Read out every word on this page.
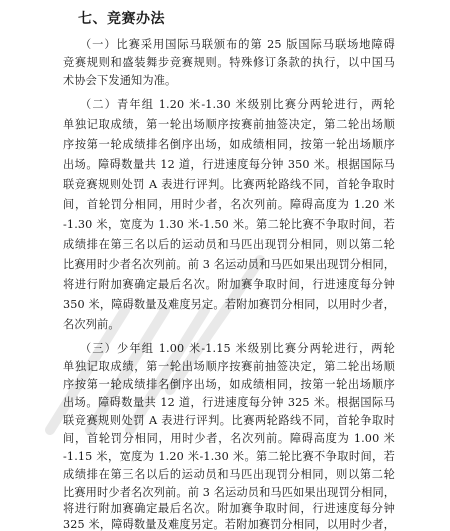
七、竞赛办法
（一）比赛采用国际马联颁布的第 25 版国际马联场地障碍
竞赛规则和盛装舞步竞赛规则。特殊修订条款的执行，以中国马
术协会下发通知为准。
（二）青年组 1.20 米-1.30 米级别比赛分两轮进行，两轮
单独记取成绩，第一轮出场顺序按赛前抽签决定，第二轮出场顺
序按第一轮成绩排名倒序出场，如成绩相同，按第一轮出场顺序
出场。障碍数量共 12 道，行进速度每分钟 350 米。根据国际马
联竞赛规则处罚 A 表进行评判。比赛两轮路线不同，首轮争取时
间，首轮罚分相同，用时少者，名次列前。障碍高度为 1.20 米
-1.30 米，宽度为 1.30 米-1.50 米。第二轮比赛不争取时间，若
成绩排在第三名以后的运动员和马匹出现罚分相同，则以第二轮
比赛用时少者名次列前。前 3 名运动员和马匹如果出现罚分相同，
将进行附加赛确定最后名次。附加赛争取时间，行进速度每分钟
350 米，障碍数量及难度另定。若附加赛罚分相同，以用时少者，
名次列前。
（三）少年组 1.00 米-1.15 米级别比赛分两轮进行，两轮
单独记取成绩，第一轮出场顺序按赛前抽签决定，第二轮出场顺
序按第一轮成绩排名倒序出场，如成绩相同，按第一轮出场顺序
出场。障碍数量共 12 道，行进速度每分钟 325 米。根据国际马
联竞赛规则处罚 A 表进行评判。比赛两轮路线不同，首轮争取时
间，首轮罚分相同，用时少者，名次列前。障碍高度为 1.00 米
-1.15 米，宽度为 1.20 米-1.30 米。第二轮比赛不争取时间，若
成绩排在第三名以后的运动员和马匹出现罚分相同，则以第二轮
比赛用时少者名次列前。前 3 名运动员和马匹如果出现罚分相同，
将进行附加赛确定最后名次。附加赛争取时间，行进速度每分钟
325 米，障碍数量及难度另定。若附加赛罚分相同，以用时少者，
